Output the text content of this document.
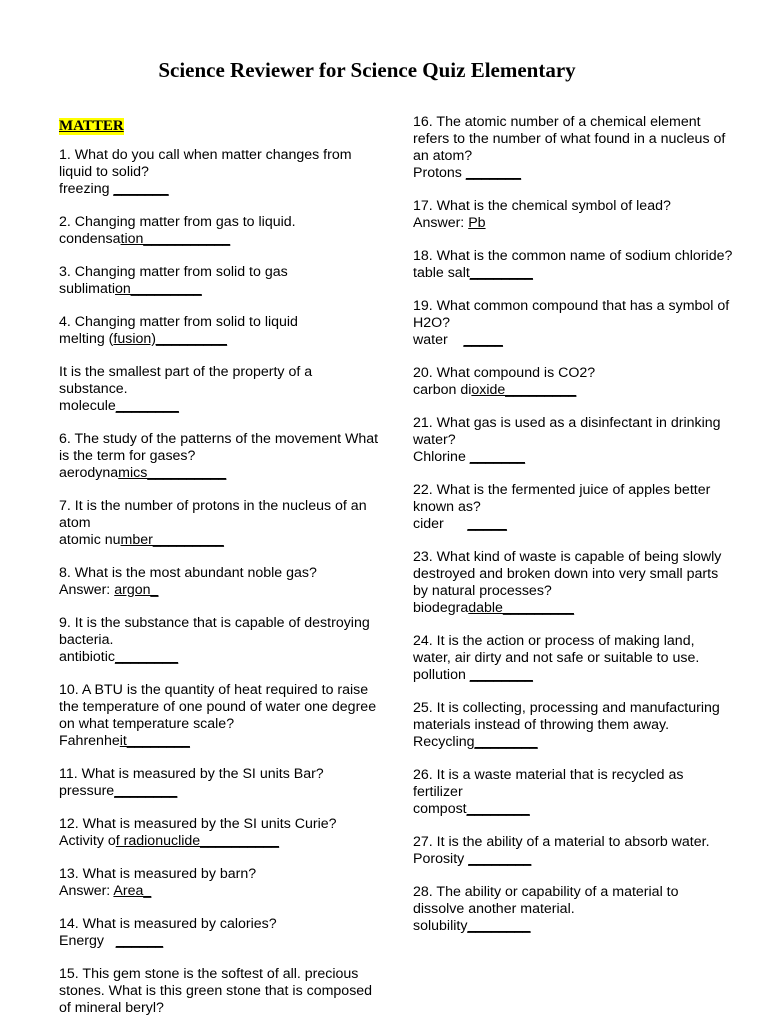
Science Reviewer for Science Quiz Elementary
MATTER
1. What do you call when matter changes from liquid to solid?
freezing _______
2. Changing matter from gas to liquid.
condensation___________
3. Changing matter from solid to gas
sublimation_________
4. Changing matter from solid to liquid
melting (fusion)_________
It is the smallest part of the property of a substance.
molecule________
6. The study of the patterns of the movement What is the term for gases?
aerodynamics__________
7. It is the number of protons in the nucleus of an atom
atomic number_________
8. What is the most abundant noble gas?
Answer: argon_
9. It is the substance that is capable of destroying bacteria.
antibiotic________
10. A BTU is the quantity of heat required to raise the temperature of one pound of water one degree on what temperature scale?
Fahrenheit________
11. What is measured by the SI units Bar?
pressure________
12. What is measured by the SI units Curie?
Activity of radionuclide__________
13. What is measured by barn?
Answer: Area_
14. What is measured by calories?
Energy   ______
15. This gem stone is the softest of all. precious stones. What is this green stone that is composed of mineral beryl?
16. The atomic number of a chemical element refers to the number of what found in a nucleus of an atom?
Protons _______
17. What is the chemical symbol of lead?
Answer: Pb
18. What is the common name of sodium chloride?
table salt________
19. What common compound that has a symbol of H2O?
water    _____
20. What compound is CO2?
carbon dioxide_________
21. What gas is used as a disinfectant in drinking water?
Chlorine _______
22. What is the fermented juice of apples better known as?
cider      _____
23. What kind of waste is capable of being slowly destroyed and broken down into very small parts by natural processes?
biodegradable_________
24. It is the action or process of making land, water, air dirty and not safe or suitable to use.
pollution ________
25. It is collecting, processing and manufacturing materials instead of throwing them away.
Recycling________
26. It is a waste material that is recycled as fertilizer
compost________
27. It is the ability of a material to absorb water.
Porosity ________
28. The ability or capability of a material to dissolve another material.
solubility________
